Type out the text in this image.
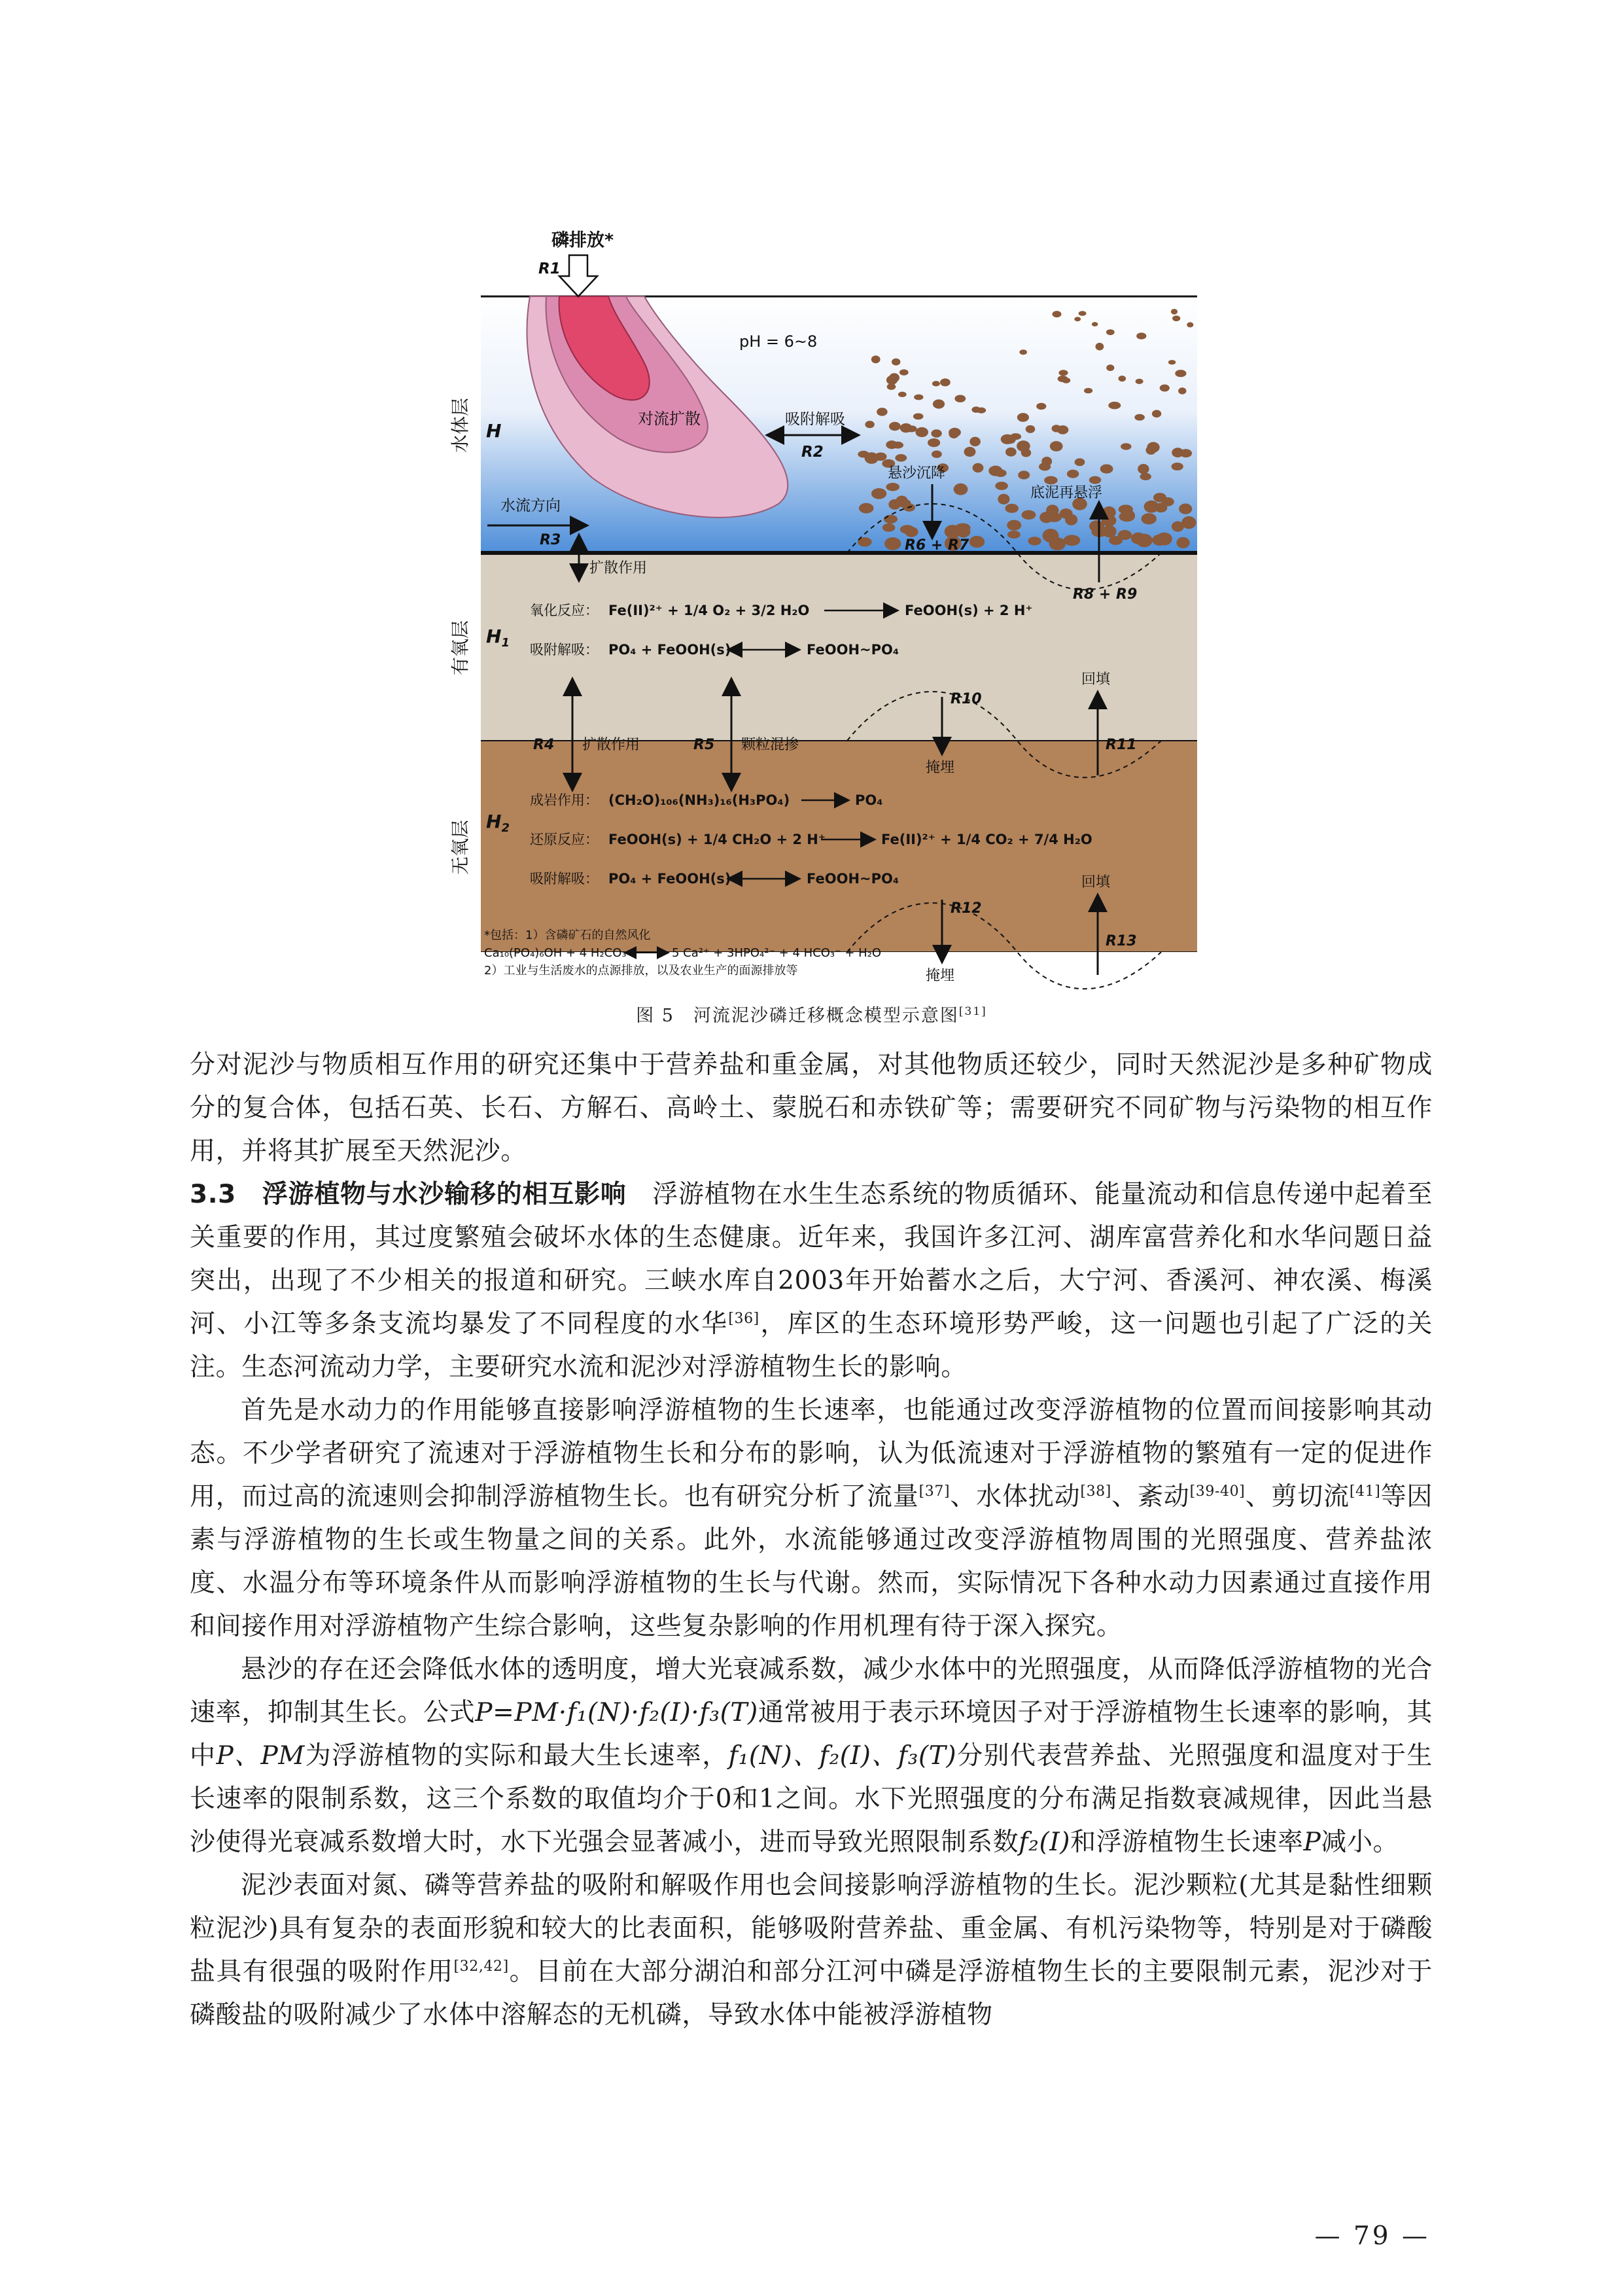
水体层
有氧层
无氧层
对流扩散
磷排放*
R1
pH = 6~8
吸附解吸
R2
H
$H_1$
$H_2$
水流方向
R3
扩散作用
悬沙沉降
底泥再悬浮
R6 + R7
R8 + R9
氧化反应： Fe(II)²⁺ + 1/4 O₂ + 3/2 H₂O	FeOOH(s) + 2 H⁺
吸附解吸： PO₄ + FeOOH(s)	FeOOH~PO₄
R4 扩散作用	R5 颗粒混掺
R10
掩埋
回填
R11
成岩作用： (CH₂O)₁₀₆(NH₃)₁₆(H₃PO₄)	PO₄
还原反应： FeOOH(s) + 1/4 CH₂O + 2 H⁺	Fe(II)²⁺ + 1/4 CO₂ + 7/4 H₂O
吸附解吸： PO₄ + FeOOH(s)	FeOOH~PO₄
R12
掩埋
回填
R13
*包括：1）含磷矿石的自然风化
Ca₁₀(PO₄)₆OH + 4 H₂CO₃	5 Ca²⁺ + 3HPO₄²⁻ + 4 HCO₃⁻ + H₂O
2）工业与生活废水的点源排放，以及农业生产的面源排放等
图 5　河流泥沙磷迁移概念模型示意图[31]

分对泥沙与物质相互作用的研究还集中于营养盐和重金属，对其他物质还较少，同时天然泥沙是多种矿物成分的复合体，包括石英、长石、方解石、高岭土、蒙脱石和赤铁矿等；需要研究不同矿物与污染物的相互作用，并将其扩展至天然泥沙。

3.3　 浮游植物与水沙输移的相互影响　 浮游植物在水生生态系统的物质循环、能量流动和信息传递中起着至关重要的作用，其过度繁殖会破坏水体的生态健康。近年来，我国许多江河、湖库富营养化和水华问题日益突出，出现了不少相关的报道和研究。三峡水库自2003年开始蓄水之后，大宁河、香溪河、神农溪、梅溪河、小江等多条支流均暴发了不同程度的水华[36]，库区的生态环境形势严峻，这一问题也引起了广泛的关注。生态河流动力学，主要研究水流和泥沙对浮游植物生长的影响。

首先是水动力的作用能够直接影响浮游植物的生长速率，也能通过改变浮游植物的位置而间接影响其动态。不少学者研究了流速对于浮游植物生长和分布的影响，认为低流速对于浮游植物的繁殖有一定的促进作用，而过高的流速则会抑制浮游植物生长。也有研究分析了流量[37]、水体扰动[38]、紊动[39-40]、剪切流[41]等因素与浮游植物的生长或生物量之间的关系。此外，水流能够通过改变浮游植物周围的光照强度、营养盐浓度、水温分布等环境条件从而影响浮游植物的生长与代谢。然而，实际情况下各种水动力因素通过直接作用和间接作用对浮游植物产生综合影响，这些复杂影响的作用机理有待于深入探究。

悬沙的存在还会降低水体的透明度，增大光衰减系数，减少水体中的光照强度，从而降低浮游植物的光合速率，抑制其生长。公式P=PM·f₁(N)·f₂(I)·f₃(T)通常被用于表示环境因子对于浮游植物生长速率的影响，其中P、PM为浮游植物的实际和最大生长速率，f₁(N)、f₂(I)、f₃(T)分别代表营养盐、光照强度和温度对于生长速率的限制系数，这三个系数的取值均介于0和1之间。水下光照强度的分布满足指数衰减规律，因此当悬沙使得光衰减系数增大时，水下光强会显著减小，进而导致光照限制系数f₂(I)和浮游植物生长速率P减小。

泥沙表面对氮、磷等营养盐的吸附和解吸作用也会间接影响浮游植物的生长。泥沙颗粒(尤其是黏性细颗粒泥沙)具有复杂的表面形貌和较大的比表面积，能够吸附营养盐、重金属、有机污染物等，特别是对于磷酸盐具有很强的吸附作用[32,42]。目前在大部分湖泊和部分江河中磷是浮游植物生长的主要限制元素，泥沙对于磷酸盐的吸附减少了水体中溶解态的无机磷，导致水体中能被浮游植物

— 79 —
